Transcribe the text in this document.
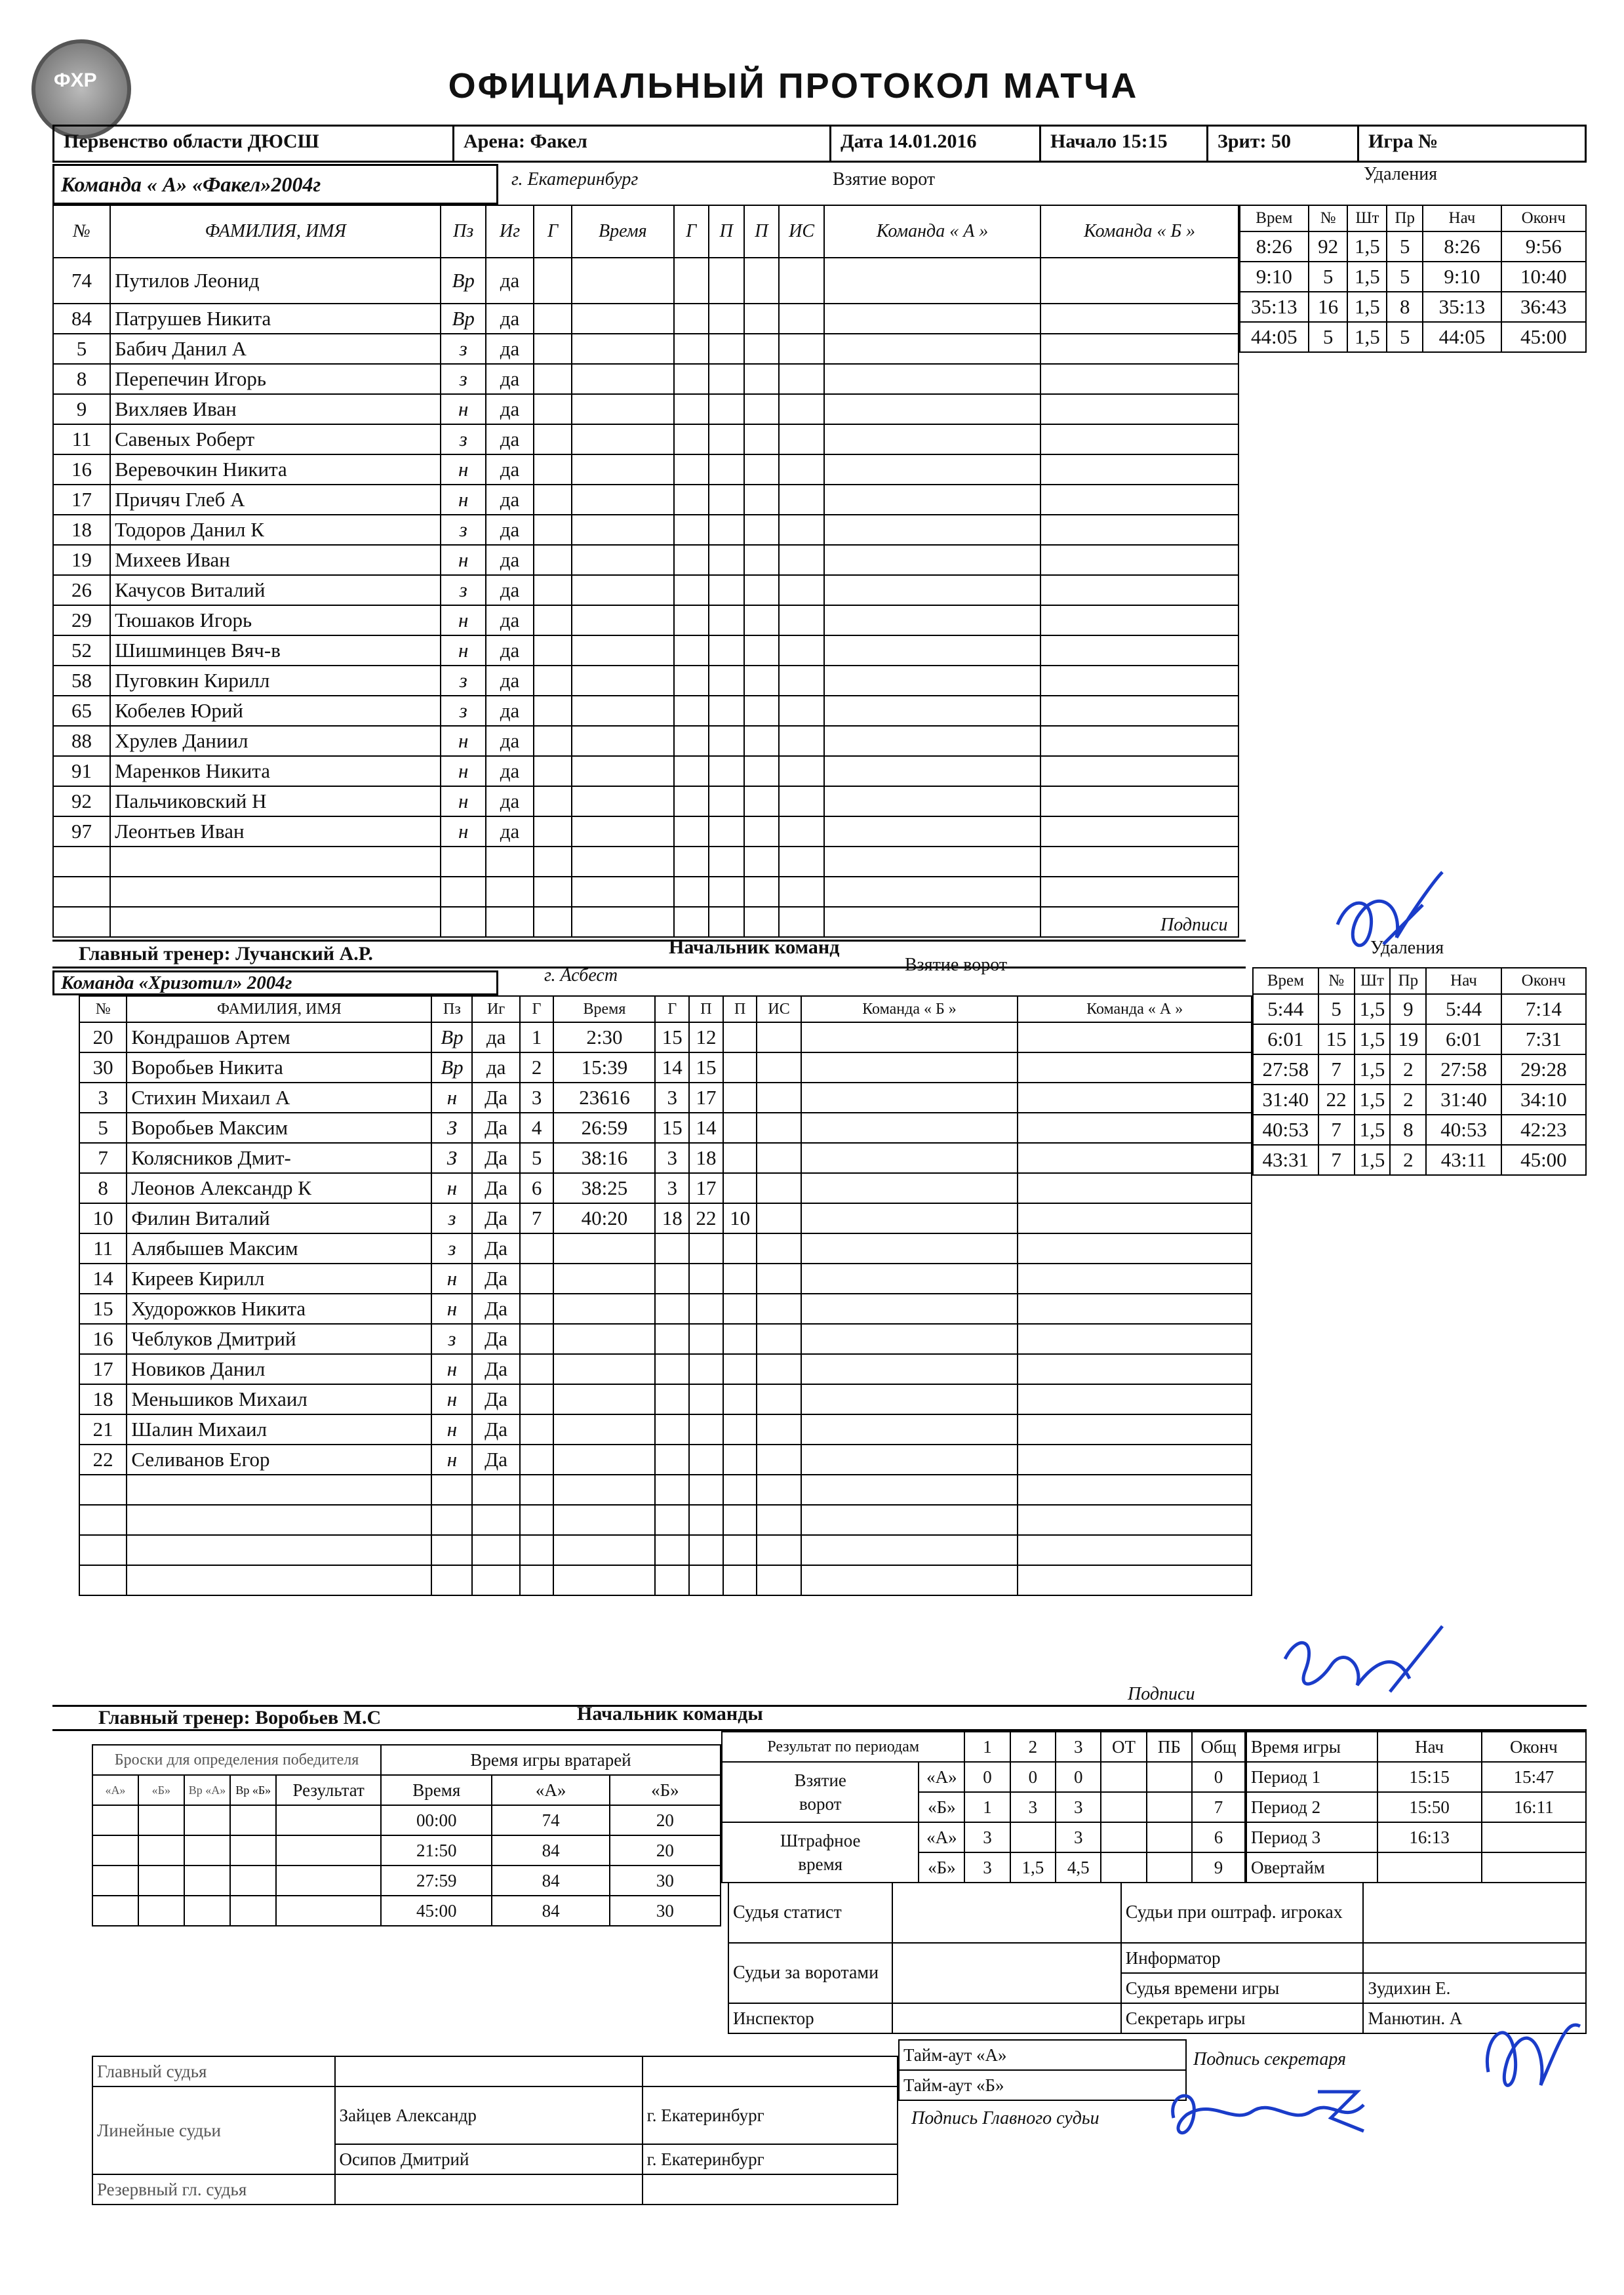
ФХР	ОФИЦИАЛЬНЫЙ ПРОТОКОЛ МАТЧА
Первенство области ДЮСШ	Арена: Факел	Дата 14.01.2016	Начало 15:15	Зрит: 50	Игра №
Команда « А» «Факел»2004г	г. Екатеринбург	Взятие ворот	Удаления
№	ФАМИЛИЯ, ИМЯ	Пз	Иг	Г	Время	Г	П	П	ИС	Команда « А »	Команда « Б »
74	Путилов Леонид	Вр	да								
84	Патрушев Никита	Вр	да								
5	Бабич Данил А	з	да								
8	Перепечин Игорь	з	да								
9	Вихляев Иван	н	да								
11	Савеных Роберт	з	да								
16	Веревочкин Никита	н	да								
17	Причяч Глеб А	н	да								
18	Тодоров Данил К	з	да								
19	Михеев Иван	н	да								
26	Качусов Виталий	з	да								
29	Тюшаков Игорь	н	да								
52	Шишминцев Вяч-в	н	да								
58	Пуговкин Кирилл	з	да								
65	Кобелев Юрий	з	да								
88	Хрулев Даниил	н	да								
91	Маренков Никита	н	да								
92	Пальчиковский Н	н	да								
97	Леонтьев Иван	н	да								

Врем	№	Шт	Пр	Нач	Оконч
8:26	92	1,5	5	8:26	9:56
9:10	5	1,5	5	9:10	10:40
35:13	16	1,5	8	35:13	36:43
44:05	5	1,5	5	44:05	45:00
Подписи
Главный тренер: Лучанский А.Р.	Начальник команд
Команда «Хризотил» 2004г	г. Асбест
Взятие ворот
Удаления
№	ФАМИЛИЯ, ИМЯ	Пз	Иг	Г	Время	Г	П	П	ИС	Команда « Б »	Команда « А »
20	Кондрашов Артем	Вр	да	1	2:30	15	12				
30	Воробьев Никита	Вр	да	2	15:39	14	15				
3	Стихин Михаил А	н	Да	3	23616	3	17				
5	Воробьев Максим	З	Да	4	26:59	15	14				
7	Колясников Дмит-	З	Да	5	38:16	3	18				
8	Леонов Александр К	н	Да	6	38:25	3	17				
10	Филин Виталий	з	Да	7	40:20	18	22	10			
11	Алябышев Максим	з	Да								
14	Киреев Кирилл	н	Да								
15	Худорожков Никита	н	Да								
16	Чеблуков Дмитрий	з	Да								
17	Новиков Данил	н	Да								
18	Меньшиков Михаил	н	Да								
21	Шалин Михаил	н	Да								
22	Селиванов Егор	н	Да								

Врем	№	Шт	Пр	Нач	Оконч
5:44	5	1,5	9	5:44	7:14
6:01	15	1,5	19	6:01	7:31
27:58	7	1,5	2	27:58	29:28
31:40	22	1,5	2	31:40	34:10
40:53	7	1,5	8	40:53	42:23
43:31	7	1,5	2	43:11	45:00
Подписи
Главный тренер: Воробьев М.С	Начальник команды
Броски для определения победителя					Время игры вратарей		
«А»	«Б»	Вр «А»	Вр «Б»	Результат	Время	«А»	«Б»
					00:00	74	20
					21:50	84	20
					27:59	84	30
					45:00	84	30
Результат по периодам		1	2	3	ОТ	ПБ	Общ
Взятие
ворот	«А»	0	0	0			0
	«Б»	1	3	3			7
Штрафное
время	«А»	3		3			6
	«Б»	3	1,5	4,5			9
Время игры	Нач	Оконч
Период 1	15:15	15:47
Период 2	15:50	16:11
Период 3	16:13	
Овертайм		
Судья статист		Судьи при оштраф. игроках	
Судьи за воротами		Информатор	
		Судья времени игры	Зудихин Е.
Инспектор		Секретарь игры	Манютин. А
Главный судья		
Линейные судьи	Зайцев Александр	г. Екатеринбург
	Осипов Дмитрий	г. Екатеринбург
Резервный гл. судья		
Тайм-аут «А»
Тайм-аут «Б»
Подпись секретаря
Подпись Главного судьи
